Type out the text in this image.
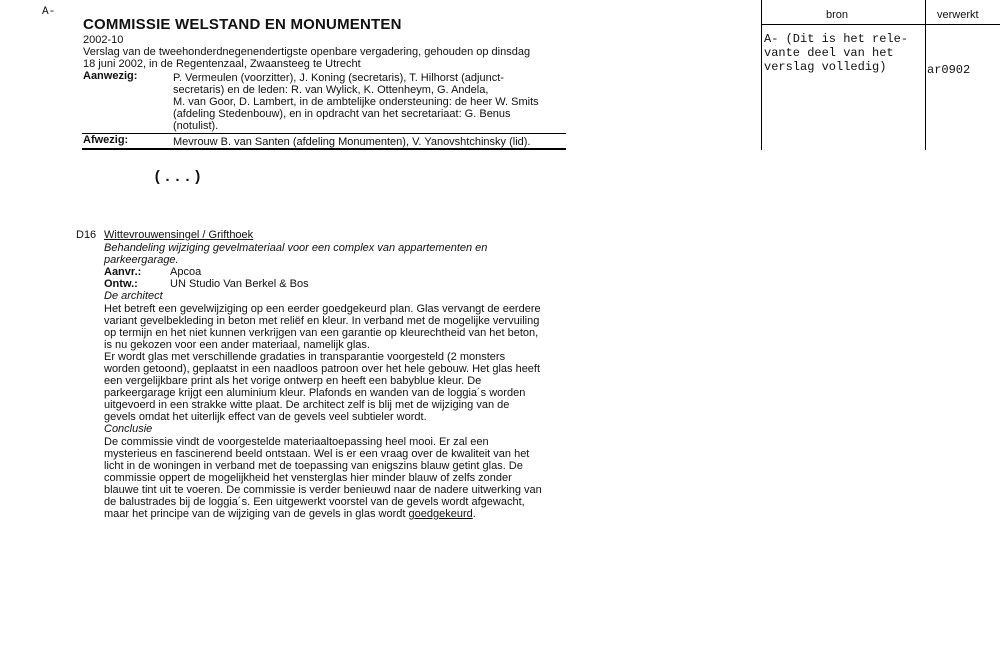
A-
COMMISSIE WELSTAND EN MONUMENTEN
2002-10
Verslag van de tweehonderdnegenendertigste openbare vergadering, gehouden op dinsdag
18 juni 2002, in de Regentenzaal, Zwaansteeg te Utrecht
Aanwezig:	P. Vermeulen (voorzitter), J. Koning (secretaris), T. Hilhorst (adjunct-
secretaris) en de leden: R. van Wylick, K. Ottenheym, G. Andela,
M. van Goor, D. Lambert, in de ambtelijke ondersteuning: de heer W. Smits
(afdeling Stedenbouw), en in opdracht van het secretariaat: G. Benus
(notulist).
Afwezig:	Mevrouw B. van Santen (afdeling Monumenten), V. Yanovshtchinsky (lid).
(...)
bron	verwerkt
A- (Dit is het rele-
vante deel van het
verslag volledig)	ar0902
D16 Wittevrouwensingel / Grifthoek
Behandeling wijziging gevelmateriaal voor een complex van appartementen en
parkeergarage.
Aanvr.:	Apcoa
Ontw.:	UN Studio Van Berkel & Bos
De architect
Het betreft een gevelwijziging op een eerder goedgekeurd plan. Glas vervangt de eerdere
variant gevelbekleding in beton met reliëf en kleur. In verband met de mogelijke vervuiling
op termijn en het niet kunnen verkrijgen van een garantie op kleurechtheid van het beton,
is nu gekozen voor een ander materiaal, namelijk glas.
Er wordt glas met verschillende gradaties in transparantie voorgesteld (2 monsters
worden getoond), geplaatst in een naadloos patroon over het hele gebouw. Het glas heeft
een vergelijkbare print als het vorige ontwerp en heeft een babyblue kleur. De
parkeergarage krijgt een aluminium kleur. Plafonds en wanden van de loggia´s worden
uitgevoerd in een strakke witte plaat. De architect zelf is blij met de wijziging van de
gevels omdat het uiterlijk effect van de gevels veel subtieler wordt.
Conclusie
De commissie vindt de voorgestelde materiaaltoepassing heel mooi. Er zal een
mysterieus en fascinerend beeld ontstaan. Wel is er een vraag over de kwaliteit van het
licht in de woningen in verband met de toepassing van enigszins blauw getint glas. De
commissie oppert de mogelijkheid het vensterglas hier minder blauw of zelfs zonder
blauwe tint uit te voeren. De commissie is verder benieuwd naar de nadere uitwerking van
de balustrades bij de loggia´s. Een uitgewerkt voorstel van de gevels wordt afgewacht,
maar het principe van de wijziging van de gevels in glas wordt goedgekeurd.
